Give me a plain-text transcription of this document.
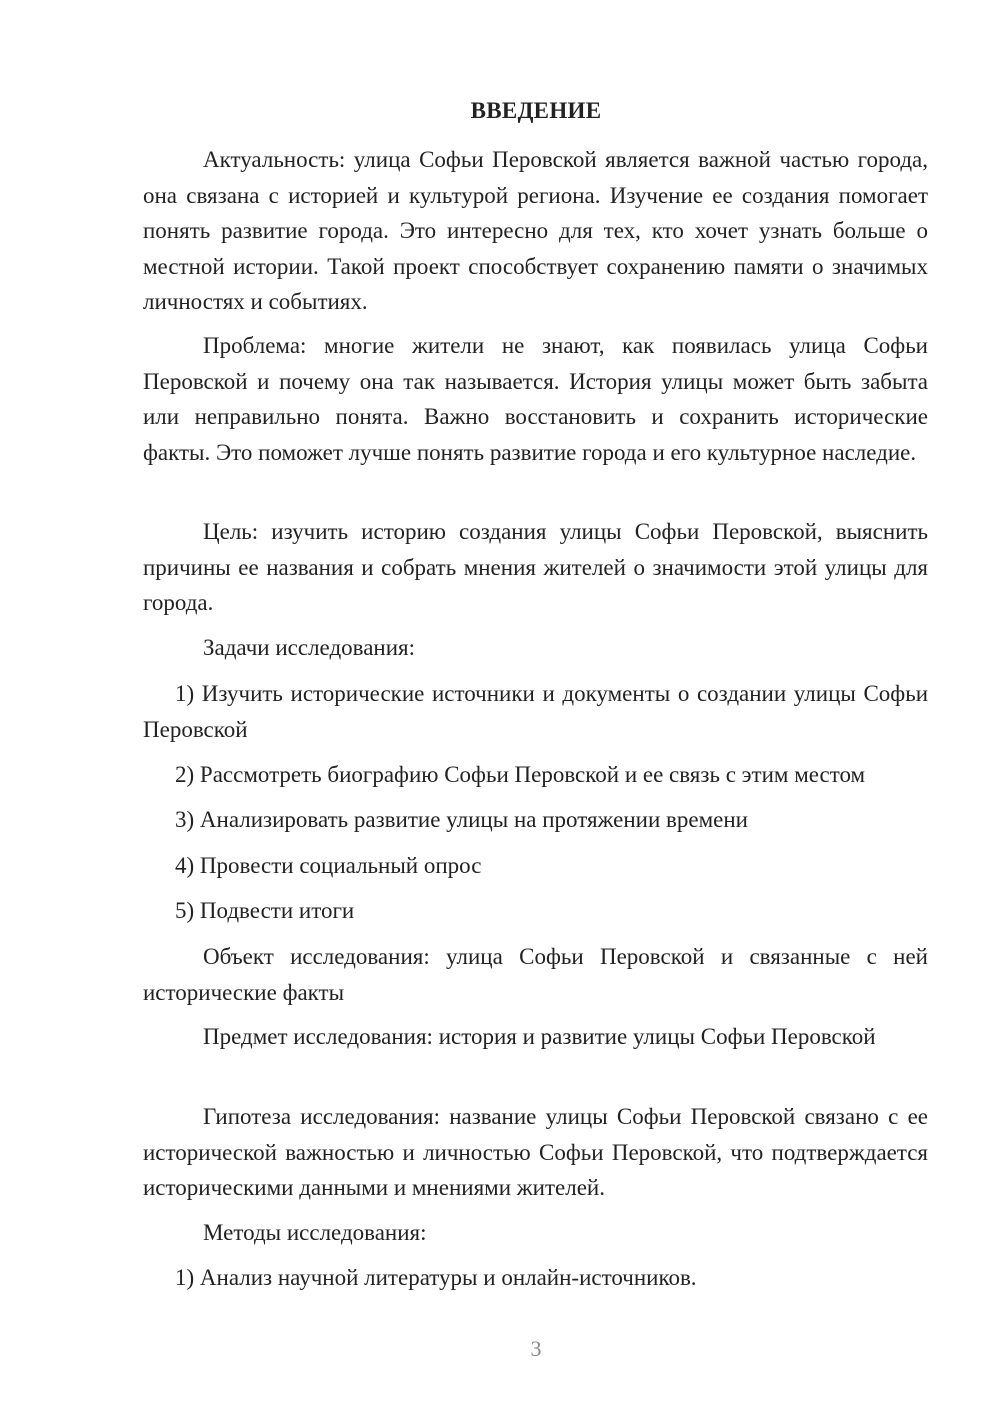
ВВЕДЕНИЕ

Актуальность: улица Софьи Перовской является важной частью города, она связана с историей и культурой региона. Изучение ее создания помогает понять развитие города. Это интересно для тех, кто хочет узнать больше о местной истории. Такой проект способствует сохранению памяти о значимых личностях и событиях.

Проблема: многие жители не знают, как появилась улица Софьи Перовской и почему она так называется. История улицы может быть забыта или неправильно понята. Важно восстановить и сохранить исторические факты. Это поможет лучше понять развитие города и его культурное наследие.

Цель: изучить историю создания улицы Софьи Перовской, выяснить причины ее названия и собрать мнения жителей о значимости этой улицы для города.

Задачи исследования:

1) Изучить исторические источники и документы о создании улицы Софьи Перовской

2) Рассмотреть биографию Софьи Перовской и ее связь с этим местом

3) Анализировать развитие улицы на протяжении времени

4) Провести социальный опрос

5) Подвести итоги

Объект исследования: улица Софьи Перовской и связанные с ней исторические факты

Предмет исследования: история и развитие улицы Софьи Перовской

Гипотеза исследования: название улицы Софьи Перовской связано с ее исторической важностью и личностью Софьи Перовской, что подтверждается историческими данными и мнениями жителей.

Методы исследования:

1) Анализ научной литературы и онлайн-источников.

3
